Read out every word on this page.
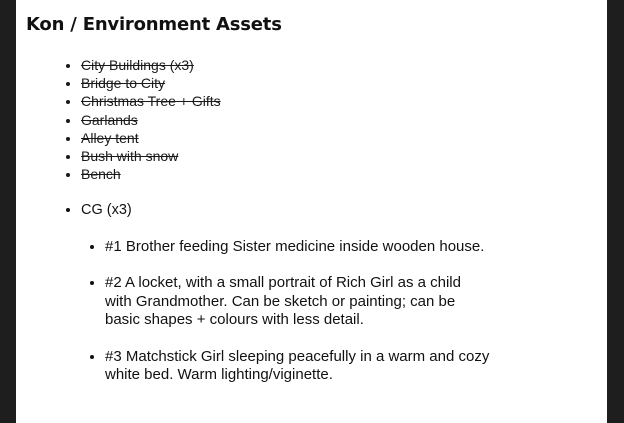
Kon / Environment Assets
• City Buildings (x3)
• Bridge to City
• Christmas Tree + Gifts
• Garlands
• Alley tent
• Bush with snow
• Bench
• CG (x3)
• #1 Brother feeding Sister medicine inside wooden house.
• #2 A locket, with a small portrait of Rich Girl as a child with Grandmother. Can be sketch or painting; can be basic shapes + colours with less detail.
• #3 Matchstick Girl sleeping peacefully in a warm and cozy white bed. Warm lighting/viginette.
